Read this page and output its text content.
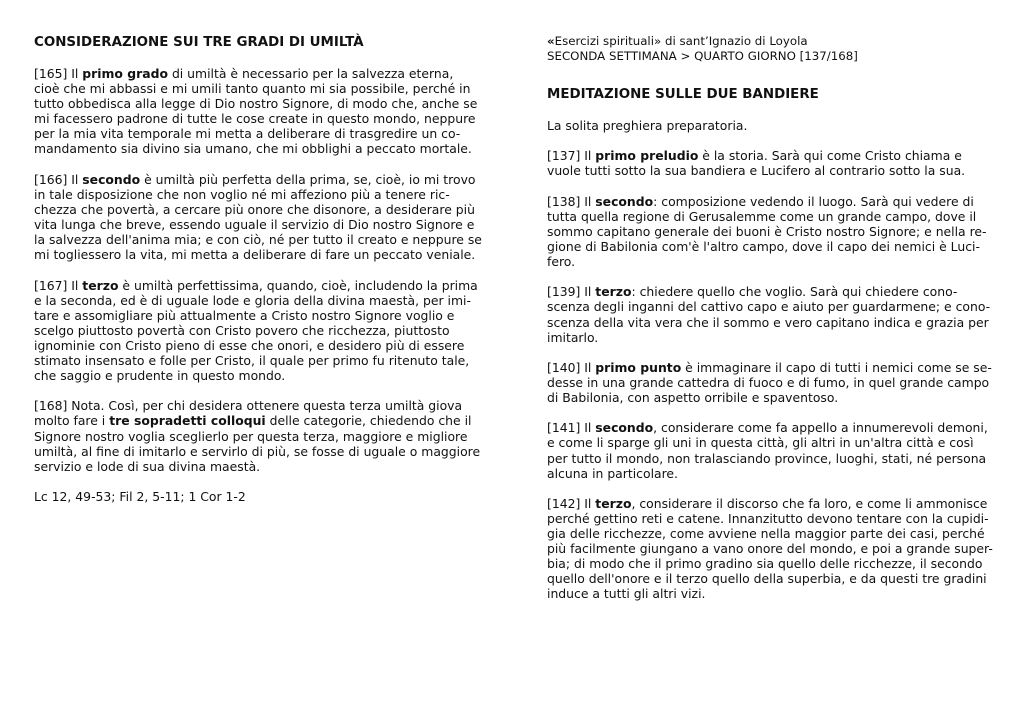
CONSIDERAZIONE SUI TRE GRADI DI UMILTÀ

[165] Il primo grado di umiltà è necessario per la salvezza eterna,
cioè che mi abbassi e mi umili tanto quanto mi sia possibile, perché in
tutto obbedisca alla legge di Dio nostro Signore, di modo che, anche se
mi facessero padrone di tutte le cose create in questo mondo, neppure
per la mia vita temporale mi metta a deliberare di trasgredire un co-
mandamento sia divino sia umano, che mi obblighi a peccato mortale.

[166] Il secondo è umiltà più perfetta della prima, se, cioè, io mi trovo
in tale disposizione che non voglio né mi affeziono più a tenere ric-
chezza che povertà, a cercare più onore che disonore, a desiderare più
vita lunga che breve, essendo uguale il servizio di Dio nostro Signore e
la salvezza dell'anima mia; e con ciò, né per tutto il creato e neppure se
mi togliessero la vita, mi metta a deliberare di fare un peccato veniale.

[167] Il terzo è umiltà perfettissima, quando, cioè, includendo la prima
e la seconda, ed è di uguale lode e gloria della divina maestà, per imi-
tare e assomigliare più attualmente a Cristo nostro Signore voglio e
scelgo piuttosto povertà con Cristo povero che ricchezza, piuttosto
ignominie con Cristo pieno di esse che onori, e desidero più di essere
stimato insensato e folle per Cristo, il quale per primo fu ritenuto tale,
che saggio e prudente in questo mondo.

[168] Nota. Così, per chi desidera ottenere questa terza umiltà giova
molto fare i tre sopradetti colloqui delle categorie, chiedendo che il
Signore nostro voglia sceglierlo per questa terza, maggiore e migliore
umiltà, al fine di imitarlo e servirlo di più, se fosse di uguale o maggiore
servizio e lode di sua divina maestà.

Lc 12, 49-53; Fil 2, 5-11; 1 Cor 1-2

«Esercizi spirituali» di sant’Ignazio di Loyola
SECONDA SETTIMANA > QUARTO GIORNO [137/168]
MEDITAZIONE SULLE DUE BANDIERE

La solita preghiera preparatoria.

[137] Il primo preludio è la storia. Sarà qui come Cristo chiama e
vuole tutti sotto la sua bandiera e Lucifero al contrario sotto la sua.

[138] Il secondo: composizione vedendo il luogo. Sarà qui vedere di
tutta quella regione di Gerusalemme come un grande campo, dove il
sommo capitano generale dei buoni è Cristo nostro Signore; e nella re-
gione di Babilonia com'è l'altro campo, dove il capo dei nemici è Luci-
fero.

[139] Il terzo: chiedere quello che voglio. Sarà qui chiedere cono-
scenza degli inganni del cattivo capo e aiuto per guardarmene; e cono-
scenza della vita vera che il sommo e vero capitano indica e grazia per
imitarlo.

[140] Il primo punto è immaginare il capo di tutti i nemici come se se-
desse in una grande cattedra di fuoco e di fumo, in quel grande campo
di Babilonia, con aspetto orribile e spaventoso.

[141] Il secondo, considerare come fa appello a innumerevoli demoni,
e come li sparge gli uni in questa città, gli altri in un'altra città e così
per tutto il mondo, non tralasciando province, luoghi, stati, né persona
alcuna in particolare.

[142] Il terzo, considerare il discorso che fa loro, e come li ammonisce
perché gettino reti e catene. Innanzitutto devono tentare con la cupidi-
gia delle ricchezze, come avviene nella maggior parte dei casi, perché
più facilmente giungano a vano onore del mondo, e poi a grande super-
bia; di modo che il primo gradino sia quello delle ricchezze, il secondo
quello dell'onore e il terzo quello della superbia, e da questi tre gradini
induce a tutti gli altri vizi.
